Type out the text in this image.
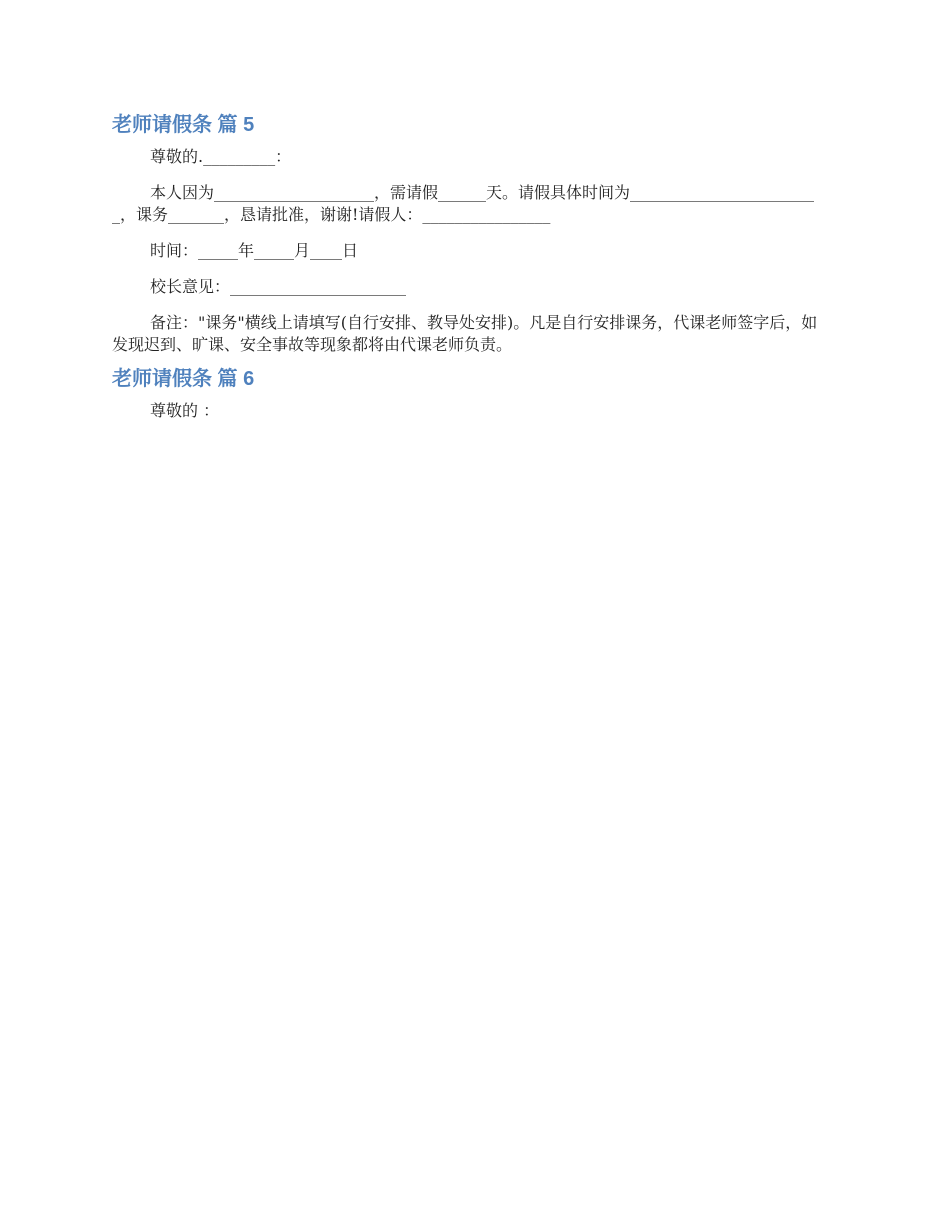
老师请假条 篇 5

尊敬的._________：

本人因为____________________，需请假______天。请假具体时间为________________________，课务_______，恳请批准，谢谢!请假人：________________

时间：_____年_____月____日

校长意见：______________________

备注："课务"横线上请填写(自行安排、教导处安排)。凡是自行安排课务，代课老师签字后，如发现迟到、旷课、安全事故等现象都将由代课老师负责。

老师请假条 篇 6

尊敬的 ：
